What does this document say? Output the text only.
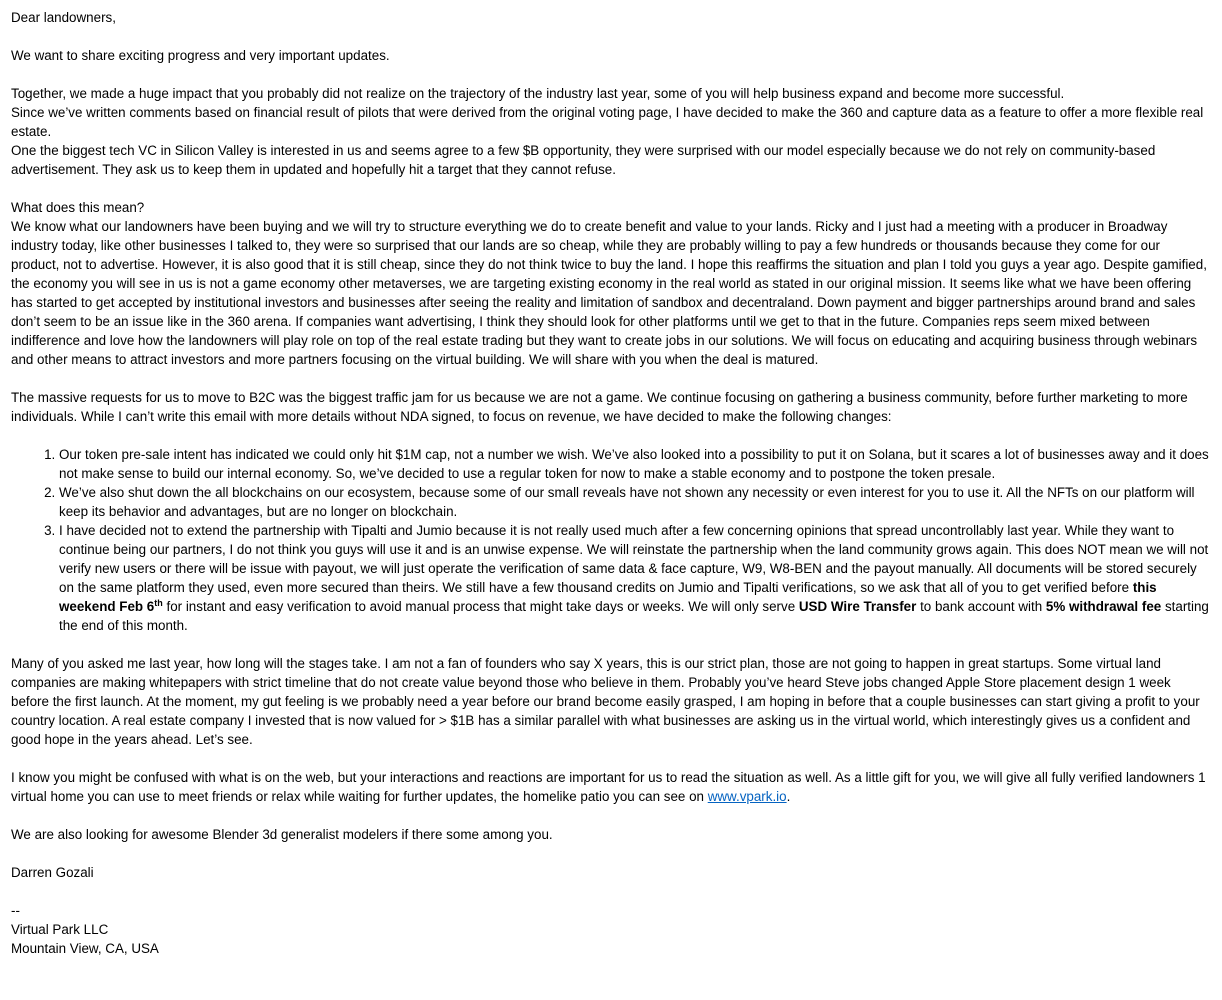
Dear landowners,

We want to share exciting progress and very important updates.

Together, we made a huge impact that you probably did not realize on the trajectory of the industry last year, some of you will help business expand and become more successful.
Since we’ve written comments based on financial result of pilots that were derived from the original voting page, I have decided to make the 360 and capture data as a feature to offer a more flexible real estate.
One the biggest tech VC in Silicon Valley is interested in us and seems agree to a few $B opportunity, they were surprised with our model especially because we do not rely on community-based advertisement. They ask us to keep them in updated and hopefully hit a target that they cannot refuse.

What does this mean?
We know what our landowners have been buying and we will try to structure everything we do to create benefit and value to your lands. Ricky and I just had a meeting with a producer in Broadway industry today, like other businesses I talked to, they were so surprised that our lands are so cheap, while they are probably willing to pay a few hundreds or thousands because they come for our product, not to advertise. However, it is also good that it is still cheap, since they do not think twice to buy the land. I hope this reaffirms the situation and plan I told you guys a year ago. Despite gamified, the economy you will see in us is not a game economy other metaverses, we are targeting existing economy in the real world as stated in our original mission. It seems like what we have been offering has started to get accepted by institutional investors and businesses after seeing the reality and limitation of sandbox and decentraland. Down payment and bigger partnerships around brand and sales don’t seem to be an issue like in the 360 arena. If companies want advertising, I think they should look for other platforms until we get to that in the future. Companies reps seem mixed between indifference and love how the landowners will play role on top of the real estate trading but they want to create jobs in our solutions. We will focus on educating and acquiring business through webinars and other means to attract investors and more partners focusing on the virtual building. We will share with you when the deal is matured.

The massive requests for us to move to B2C was the biggest traffic jam for us because we are not a game. We continue focusing on gathering a business community, before further marketing to more individuals. While I can’t write this email with more details without NDA signed, to focus on revenue, we have decided to make the following changes:

1. Our token pre-sale intent has indicated we could only hit $1M cap, not a number we wish. We’ve also looked into a possibility to put it on Solana, but it scares a lot of businesses away and it does not make sense to build our internal economy. So, we’ve decided to use a regular token for now to make a stable economy and to postpone the token presale.
2. We’ve also shut down the all blockchains on our ecosystem, because some of our small reveals have not shown any necessity or even interest for you to use it. All the NFTs on our platform will keep its behavior and advantages, but are no longer on blockchain.
3. I have decided not to extend the partnership with Tipalti and Jumio because it is not really used much after a few concerning opinions that spread uncontrollably last year. While they want to continue being our partners, I do not think you guys will use it and is an unwise expense. We will reinstate the partnership when the land community grows again. This does NOT mean we will not verify new users or there will be issue with payout, we will just operate the verification of same data & face capture, W9, W8-BEN and the payout manually. All documents will be stored securely on the same platform they used, even more secured than theirs. We still have a few thousand credits on Jumio and Tipalti verifications, so we ask that all of you to get verified before this weekend Feb 6th for instant and easy verification to avoid manual process that might take days or weeks. We will only serve USD Wire Transfer to bank account with 5% withdrawal fee starting the end of this month.

Many of you asked me last year, how long will the stages take. I am not a fan of founders who say X years, this is our strict plan, those are not going to happen in great startups. Some virtual land companies are making whitepapers with strict timeline that do not create value beyond those who believe in them. Probably you’ve heard Steve jobs changed Apple Store placement design 1 week before the first launch. At the moment, my gut feeling is we probably need a year before our brand become easily grasped, I am hoping in before that a couple businesses can start giving a profit to your country location. A real estate company I invested that is now valued for > $1B has a similar parallel with what businesses are asking us in the virtual world, which interestingly gives us a confident and good hope in the years ahead. Let’s see.

I know you might be confused with what is on the web, but your interactions and reactions are important for us to read the situation as well. As a little gift for you, we will give all fully verified landowners 1 virtual home you can use to meet friends or relax while waiting for further updates, the homelike patio you can see on www.vpark.io.

We are also looking for awesome Blender 3d generalist modelers if there some among you.

Darren Gozali

--

Virtual Park LLC

Mountain View, CA, USA
